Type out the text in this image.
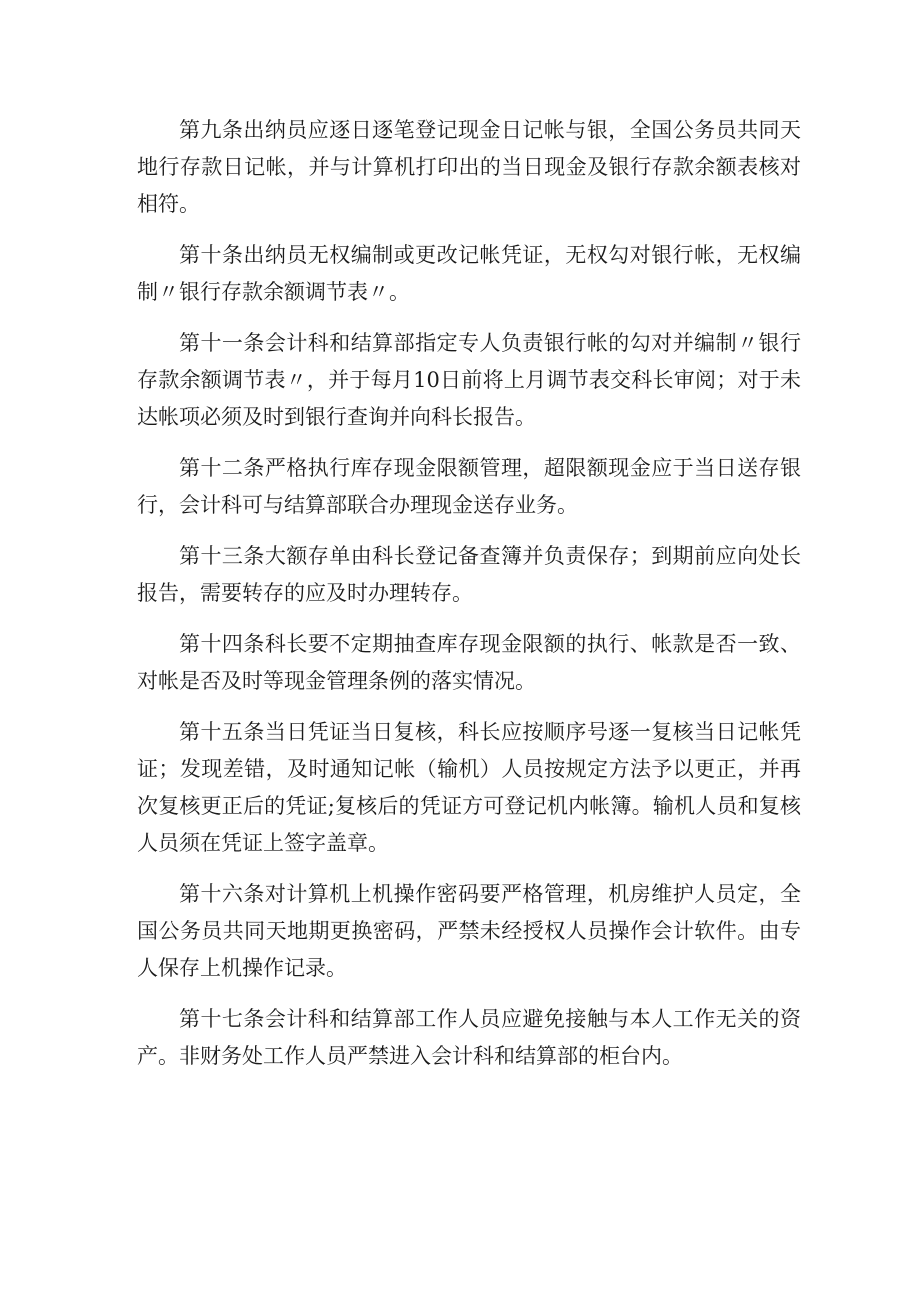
第九条出纳员应逐日逐笔登记现金日记帐与银，全国公务员共同天地行存款日记帐，并与计算机打印出的当日现金及银行存款余额表核对相符。

第十条出纳员无权编制或更改记帐凭证，无权勾对银行帐，无权编制〃银行存款余额调节表〃。

第十一条会计科和结算部指定专人负责银行帐的勾对并编制〃银行存款余额调节表〃，并于每月10日前将上月调节表交科长审阅；对于未达帐项必须及时到银行查询并向科长报告。

第十二条严格执行库存现金限额管理，超限额现金应于当日送存银行，会计科可与结算部联合办理现金送存业务。

第十三条大额存单由科长登记备查簿并负责保存；到期前应向处长报告，需要转存的应及时办理转存。

第十四条科长要不定期抽查库存现金限额的执行、帐款是否一致、对帐是否及时等现金管理条例的落实情况。

第十五条当日凭证当日复核，科长应按顺序号逐一复核当日记帐凭证；发现差错，及时通知记帐（输机）人员按规定方法予以更正，并再次复核更正后的凭证;复核后的凭证方可登记机内帐簿。输机人员和复核人员须在凭证上签字盖章。

第十六条对计算机上机操作密码要严格管理，机房维护人员定，全国公务员共同天地期更换密码，严禁未经授权人员操作会计软件。由专人保存上机操作记录。

第十七条会计科和结算部工作人员应避免接触与本人工作无关的资产。非财务处工作人员严禁进入会计科和结算部的柜台内。
